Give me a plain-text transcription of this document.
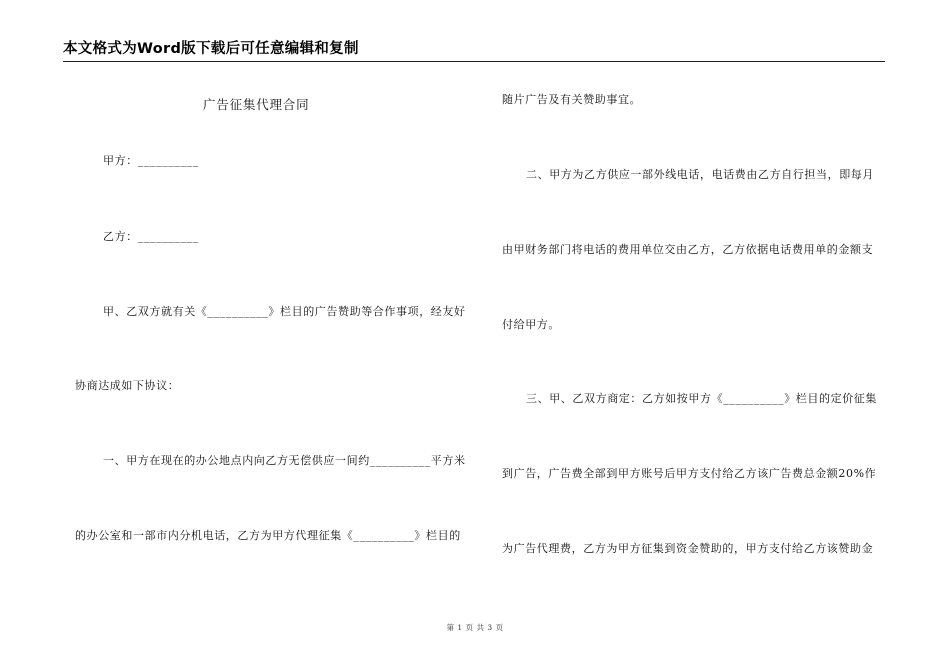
本文格式为Word版下载后可任意编辑和复制
广告征集代理合同
甲方：__________
乙方：__________
甲、乙双方就有关《__________》栏目的广告赞助等合作事项，经友好
协商达成如下协议：
一、甲方在现在的办公地点内向乙方无偿供应一间约__________平方米
的办公室和一部市内分机电话，乙方为甲方代理征集《__________》栏目的
随片广告及有关赞助事宜。
二、甲方为乙方供应一部外线电话，电话费由乙方自行担当，即每月
由甲财务部门将电话的费用单位交由乙方，乙方依据电话费用单的金额支
付给甲方。
三、甲、乙双方商定：乙方如按甲方《__________》栏目的定价征集
到广告，广告费全部到甲方账号后甲方支付给乙方该广告费总金额20%作
为广告代理费，乙方为甲方征集到资金赞助的，甲方支付给乙方该赞助金
第 1 页 共 3 页
